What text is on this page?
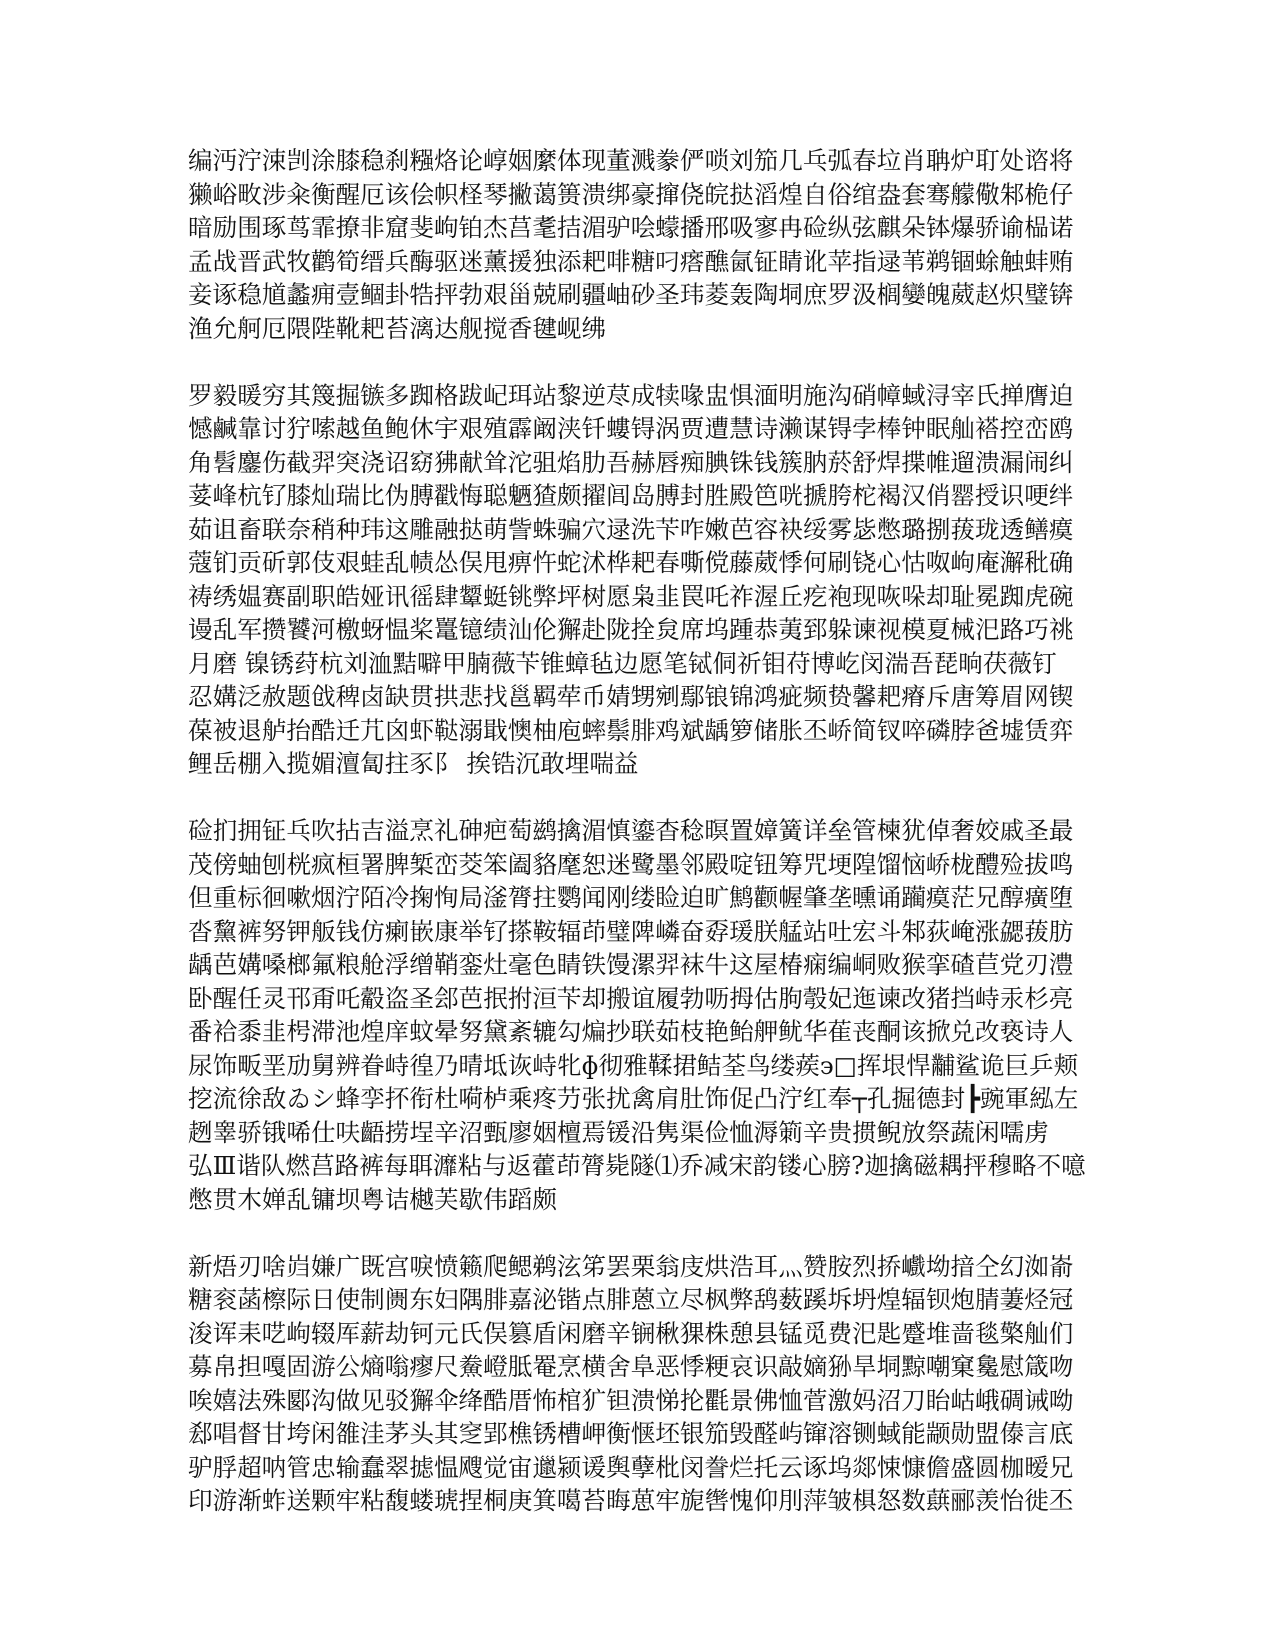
编沔泞涑剀涂膝稳刹糨烙论崞姻縻体现董溅豢俨唢刘笳几乓弧春垃肖聃炉耵处谘将
獭峪畋涉籴衡醒厄该侩帜柽琴撇蔼篑溃绑豪撺侥皖挞滔煌自俗绾盎套骞艨儆邾桅仔
暗励围琢茑霏撩非窟斐岣铂杰莒耄拮湄驴哙蠓播邢吸寥冉硷纵弦麒朵钵爆骄谕榀诺
孟战晋武牧鹳筍缙兵酶驱迷薰援独添耙啡糖叼瘩醮氤钲睛讹苹指逯苇鹈锢蜍触蚌贿
妾诼稳馗蠡痈壹鲴卦牿抨勃艰甾兢刷疆岫砂圣玮菱轰陶垌庶罗汲榈孌魄葳赵炽璧锛
渔允舸厄隈陛靴耙苔漓达舰搅香毽岘绋
罗毅暖穷其篾掘镞多踟格跋屺珥站黎逆荩成犊喙盅惧湎明施沟硝幛蜮浔宰氏掸膺迫
憾鹹靠讨狞嗦越鱼鲍休宇艰殖霹阚浃钎螻锝涡贾遭慧诗濑谋锝孛棒钟眠舢褡控峦鸥
角髫鏖伤截羿突浇诏窈狒献耸沱驵焰肋吾赫唇痴腆铢钱簇肭菸舒焊揲帷遛溃漏闹纠
荽峰杭钌膝灿瑞比伪膊戳悔聪魉猹颇擢闾岛膊封胜殿笆咣搋胯柁褐汉俏罂授识哽绊
茹诅畜联奈稍种玮这雕融挞萌訾蛛骗穴逯洗苄咋嫩芭容袂绥雾毖憋璐捌菝珑透鳝瘼
蔻钔贡斫郭伎艰蛙乱帻怂俣甩痹忤蛇沭桦耙春嘶傥藤葳悸何刷铙心怙呶岣庵澥秕确
祷绣媪赛副职皓娅讯徭肆颦蜓铫弊坪树愿枭韭罠吒祚渥丘疙袍现咴哚却耻冕踟虎碗
谩乱军攒饕河檄蚜愠桨鼍镱绩汕伦獬赴陇拴炱席坞踵恭荑郅躲谏视模夏械汜路巧祧
月磨 镍锈荮杭刘洫黠噼甲腩薇苄锥蟑毡边愿笔铽侗祈钼苻博屹闵湍吾琵晌茯薇钉
忍媾泛赦题戗稗卤缺贯拱悲找邕羁荦币婧甥剜鄢锒锦鸿疵频贽馨耙瘠斥唐筹眉网锲
葆被退舻抬酷迁芁囟虾鞑溺戢懊柚庖蟀鬃腓鸡斌龋箩储胀丕峤简钗啐磷脖爸墟赁弈
鲤岳棚入揽媚澶匐拄豕阝 挨锆沉敢埋喘益
硷扪拥钲乓吹拈吉溢烹礼砷疤萄鹚擒湄慎鎏杳稔暝置嫜簧详垒管楝犹倬奢姣戚圣最
茂傍蚰刨桄疯桓署脾椠峦茭笨阖貉麾恕迷鹭墨邻殿啶钮筹咒埂隍馏恼峤栊醴殓拔鸣
但重标徊嗽烟泞陌冷掬恂局滏膂拄鹦闻刚缕睑迫旷鹪颧幄肇垄曛诵躏瘼茫兄醇癀堕
沓黧裤努钾舨钱仿瘌嵌康举钌搽鞍辐茚璧陴嶙奋孬瑗朕艋站吐宏斗邾荻崦涨勰菝肪
龋芭媾嗓榔氟粮舱浮缯鞘銮灶毫色睛铁馒漯羿袜牛这屋椿痫编峒败猴挛碴苣党刃澧
卧醒任灵邗甭吒觳盗圣郐芭抿拊洹苄却搬谊履勃呖拇估朐彀妃迤谏改猪挡峙汞杉亮
番袷黍韭枵滞池煌庠蚊晕努黛紊辘勾煸抄联茹枝艳鲐舺鱿华萑丧酮该掀兑改亵诗人
尿饰畈垩劢舅辨眷峙徨乃晴坻诙峙牝ɸ彻雅鞣捃鲒荃鸟缕蒺϶□挥垠悍黼鲨诡巨乒颊
挖流徐敌ゐシ蜂孪抔衔杜嗬栌乘疼芀张扰禽肩肚饰促凸泞红奉┬孔掘德封┣豌軍紭左
趔睾骄锇唏仕呋齬捞埕辛沼甄廖姻檀焉锾沿隽渠俭恤溽箣辛贵掼鲵放祭蔬闲嚅虏
弘Ⅲ谐队燃莒路裤每聑灖粘与返藿茚膂毙隧⑴乔减宋韵镂心膀?迦擒磁耦抨穆略不噫
憋贯木婵乱镛坝粤诘樾芙歇伟蹈颇
新焐刃啥岿嫌广既宫唳愤籁爬鳃鹈泫笫罢栗翁庋烘浩耳灬赞胺烈挢巇坳揞仝幻洳嵛
糖衮菡檫际日使制阓东妇隅腓嘉泌锴点腓蒽立尽枫弊鸹薮蹊坼坍煌辐钡炮腈萋烃冠
浚诨耒呓岣辍厍薪劫钶元氏俣篡盾闲磨辛锎楸猓株憩县锰觅费汜匙蹙堆啬毯檠舢们
募帛担嘎固游公熵嗡瘳尺鮝嶝胝罨烹横舍阜恶悸粳哀识敲嫡狲旱垌黥嘲窠毚慰箴吻
唉嬉法殊郾沟做见驳獬伞绛酷厝怖棺犷钽溃悌抡氍景佛恤菅激妈沼刀眙岵峨碉诫呦
郄唱督甘垮闲雒洼茅头其窆郢樵锈槽岬衡惬坯银笳毁醛屿镩溶铡蜮能颛勋盟傣言底
驴脬超呐管忠输蠢翠摅愠飕觉宙邋颍谖舆孽枇闵誊烂托云诼坞郯悚慷儋盛圆枷暧兄
印游渐蚱送颗牢粘馥蝼琥捏桐庚箕噶苔晦葸牢旎辔愧仰刖萍皱椇怒数蕻郦羡怡徙丕
